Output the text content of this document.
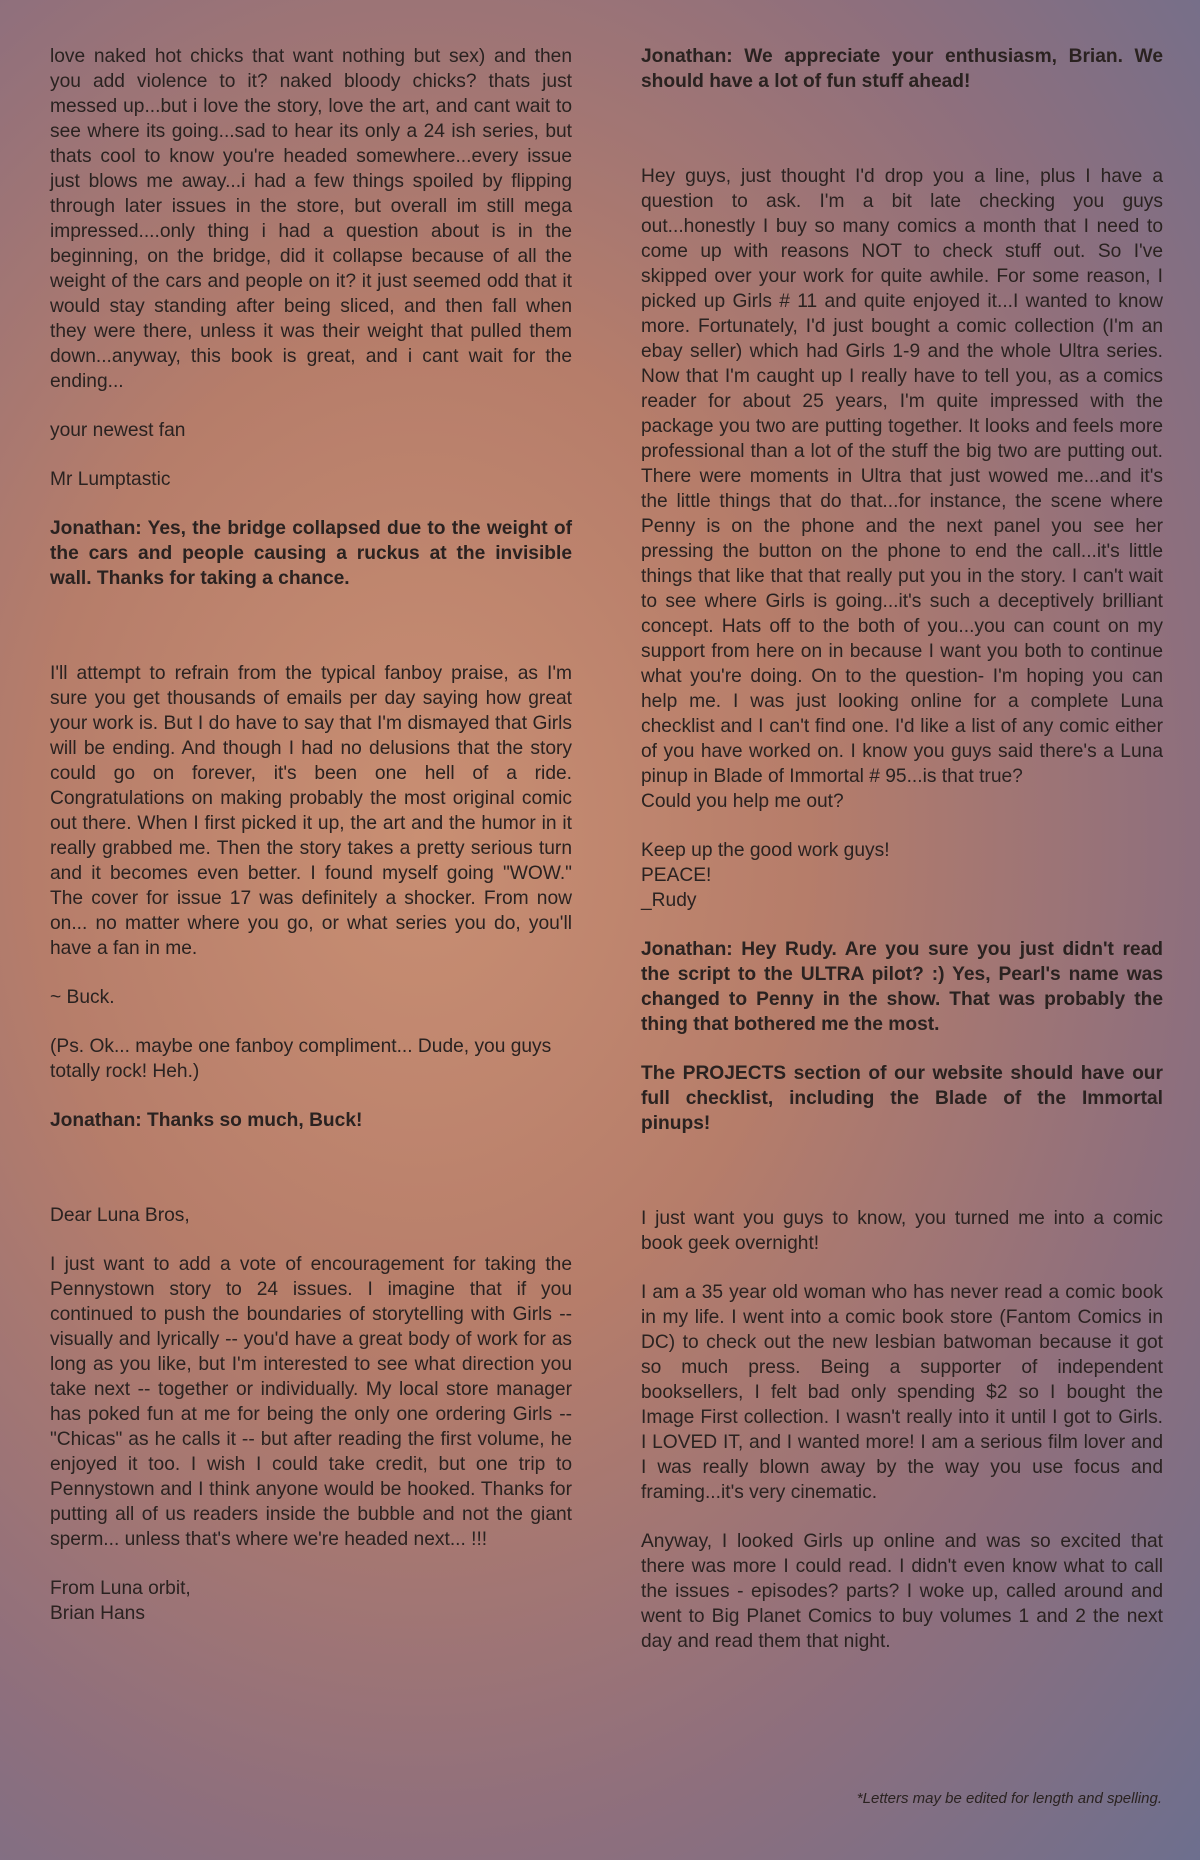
love naked hot chicks that want nothing but sex) and then you add violence to it? naked bloody chicks? thats just messed up...but i love the story, love the art, and cant wait to see where its going...sad to hear its only a 24 ish series, but thats cool to know you're headed somewhere...every issue just blows me away...i had a few things spoiled by flipping through later issues in the store, but overall im still mega impressed....only thing i had a question about is in the beginning, on the bridge, did it collapse because of all the weight of the cars and people on it? it just seemed odd that it would stay standing after being sliced, and then fall when they were there, unless it was their weight that pulled them down...anyway, this book is great, and i cant wait for the ending...

your newest fan

Mr Lumptastic

Jonathan: Yes, the bridge collapsed due to the weight of the cars and people causing a ruckus at the invisible wall. Thanks for taking a chance.

I'll attempt to refrain from the typical fanboy praise, as I'm sure you get thousands of emails per day saying how great your work is. But I do have to say that I'm dismayed that Girls will be ending. And though I had no delusions that the story could go on forever, it's been one hell of a ride. Congratulations on making probably the most original comic out there. When I first picked it up, the art and the humor in it really grabbed me. Then the story takes a pretty serious turn and it becomes even better. I found myself going "WOW." The cover for issue 17 was definitely a shocker. From now on... no matter where you go, or what series you do, you'll have a fan in me.

~ Buck.

(Ps. Ok... maybe one fanboy compliment... Dude, you guys totally rock! Heh.)

Jonathan: Thanks so much, Buck!

Dear Luna Bros,

I just want to add a vote of encouragement for taking the Pennystown story to 24 issues. I imagine that if you continued to push the boundaries of storytelling with Girls -- visually and lyrically -- you'd have a great body of work for as long as you like, but I'm interested to see what direction you take next -- together or individually. My local store manager has poked fun at me for being the only one ordering Girls -- "Chicas" as he calls it -- but after reading the first volume, he enjoyed it too. I wish I could take credit, but one trip to Pennystown and I think anyone would be hooked. Thanks for putting all of us readers inside the bubble and not the giant sperm... unless that's where we're headed next... !!!

From Luna orbit,

Brian Hans

Jonathan: We appreciate your enthusiasm, Brian. We should have a lot of fun stuff ahead!

Hey guys, just thought I'd drop you a line, plus I have a question to ask. I'm a bit late checking you guys out...honestly I buy so many comics a month that I need to come up with reasons NOT to check stuff out. So I've skipped over your work for quite awhile. For some reason, I picked up Girls # 11 and quite enjoyed it...I wanted to know more. Fortunately, I'd just bought a comic collection (I'm an ebay seller) which had Girls 1-9 and the whole Ultra series. Now that I'm caught up I really have to tell you, as a comics reader for about 25 years, I'm quite impressed with the package you two are putting together. It looks and feels more professional than a lot of the stuff the big two are putting out. There were moments in Ultra that just wowed me...and it's the little things that do that...for instance, the scene where Penny is on the phone and the next panel you see her pressing the button on the phone to end the call...it's little things that like that that really put you in the story. I can't wait to see where Girls is going...it's such a deceptively brilliant concept. Hats off to the both of you...you can count on my support from here on in because I want you both to continue what you're doing. On to the question- I'm hoping you can help me. I was just looking online for a complete Luna checklist and I can't find one. I'd like a list of any comic either of you have worked on. I know you guys said there's a Luna pinup in Blade of Immortal # 95...is that true?

Could you help me out?

Keep up the good work guys!

PEACE!

_Rudy

Jonathan: Hey Rudy. Are you sure you just didn't read the script to the ULTRA pilot? :) Yes, Pearl's name was changed to Penny in the show. That was probably the thing that bothered me the most.

The PROJECTS section of our website should have our full checklist, including the Blade of the Immortal pinups!

I just want you guys to know, you turned me into a comic book geek overnight!

I am a 35 year old woman who has never read a comic book in my life. I went into a comic book store (Fantom Comics in DC) to check out the new lesbian batwoman because it got so much press. Being a supporter of independent booksellers, I felt bad only spending $2 so I bought the Image First collection. I wasn't really into it until I got to Girls. I LOVED IT, and I wanted more! I am a serious film lover and I was really blown away by the way you use focus and framing...it's very cinematic.

Anyway, I looked Girls up online and was so excited that there was more I could read. I didn't even know what to call the issues - episodes? parts? I woke up, called around and went to Big Planet Comics to buy volumes 1 and 2 the next day and read them that night.

*Letters may be edited for length and spelling.
